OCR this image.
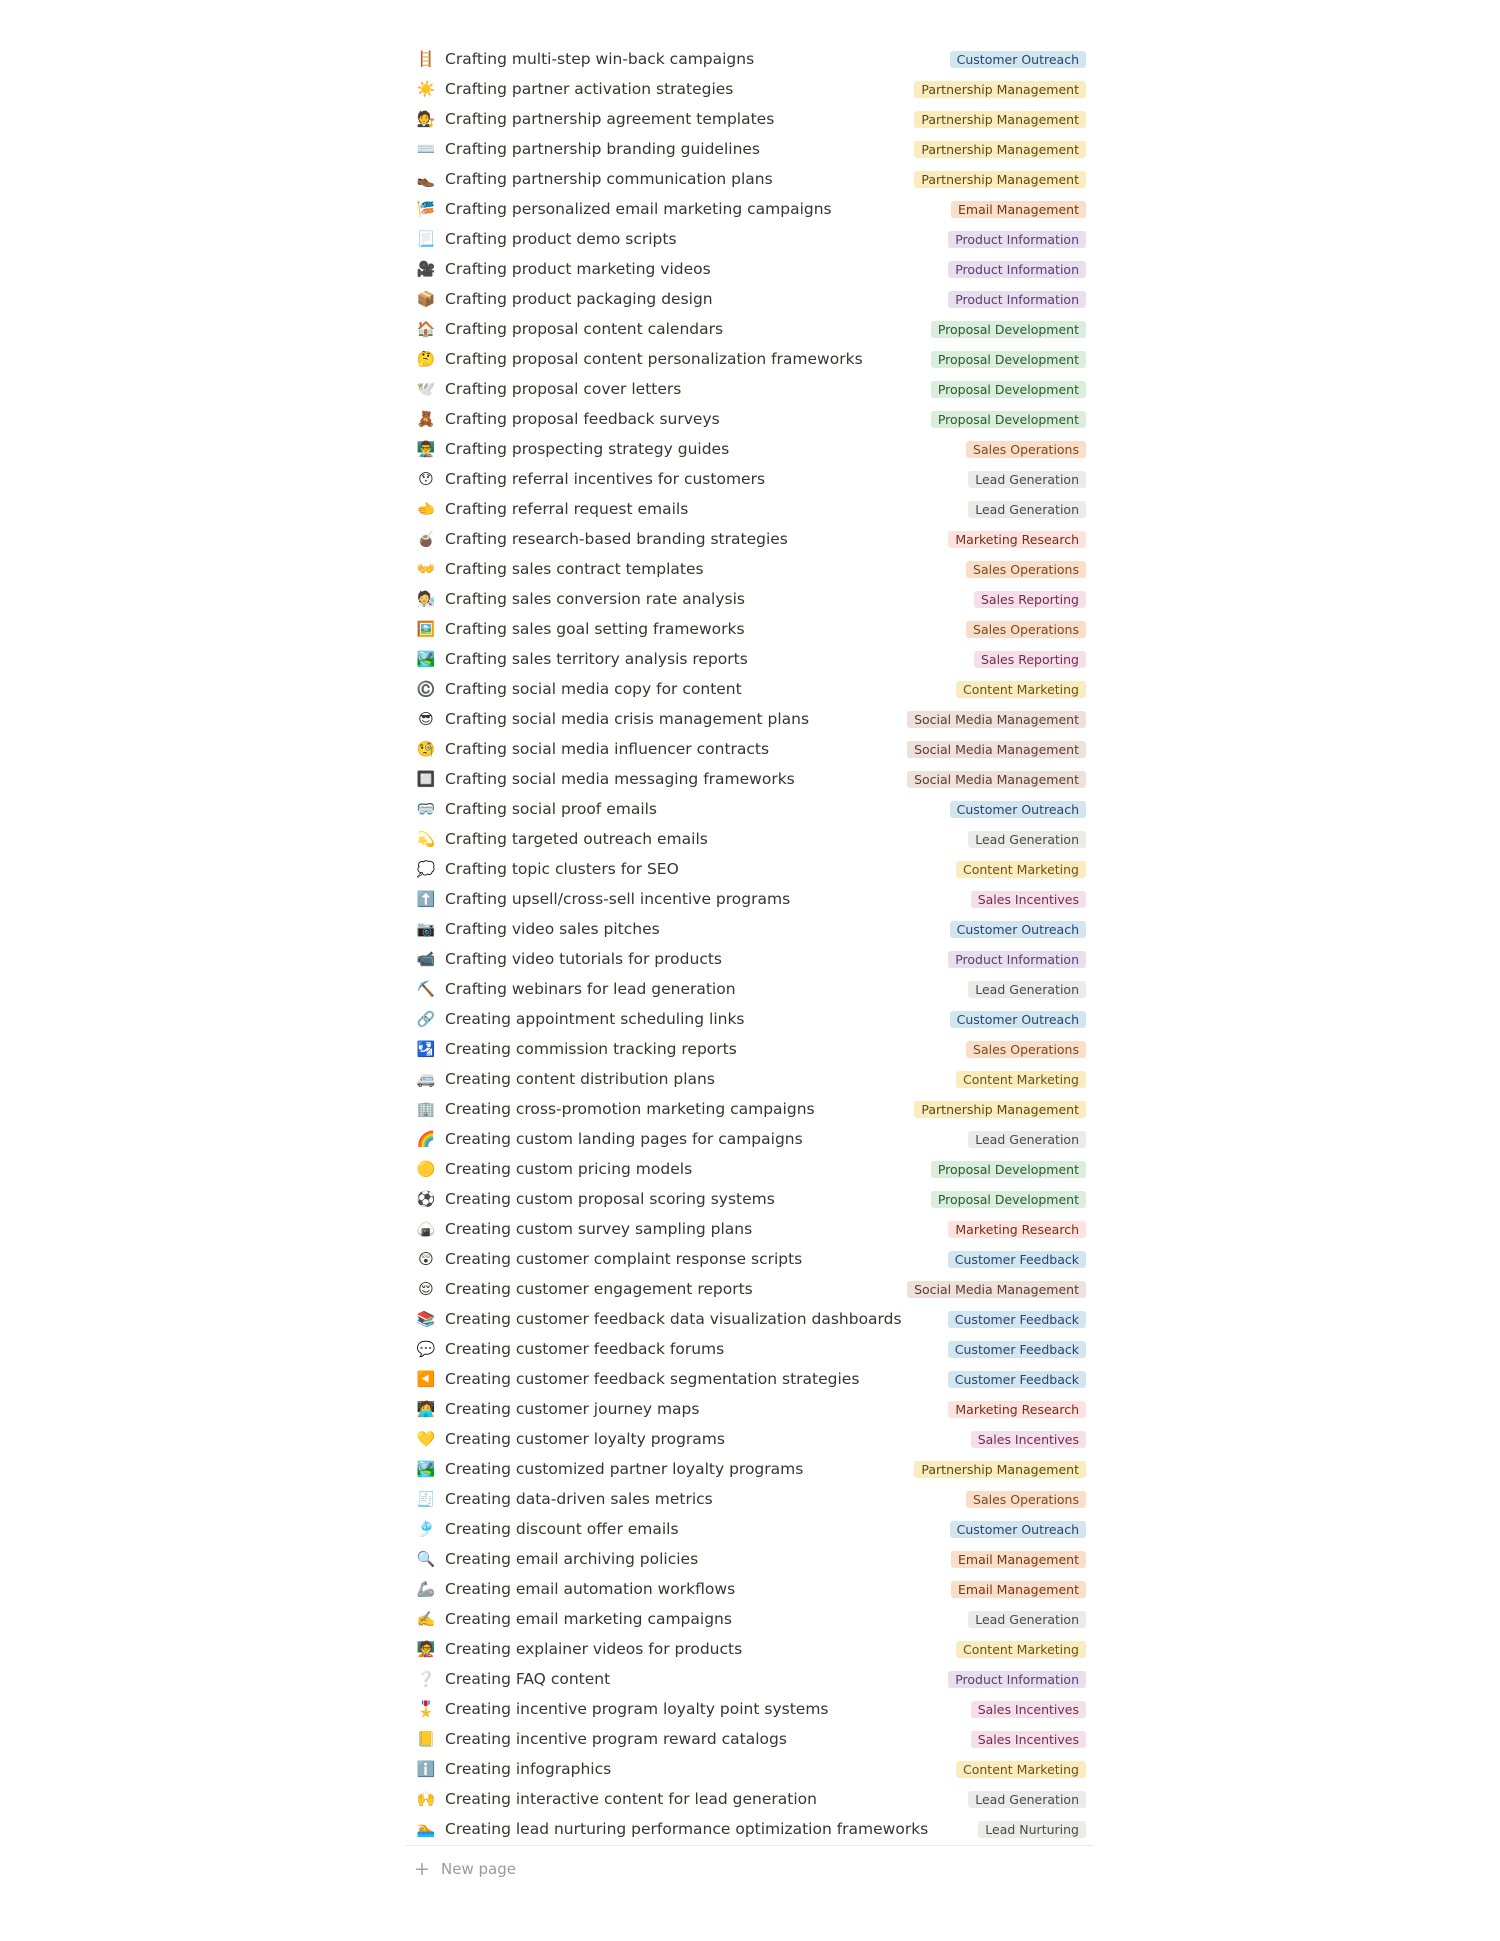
🪜 Crafting multi-step win-back campaigns	Customer Outreach
☀️ Crafting partner activation strategies	Partnership Management
🧑‍⚖️ Crafting partnership agreement templates	Partnership Management
⌨️ Crafting partnership branding guidelines	Partnership Management
👞 Crafting partnership communication plans	Partnership Management
🎏 Crafting personalized email marketing campaigns	Email Management
📃 Crafting product demo scripts	Product Information
🎥 Crafting product marketing videos	Product Information
📦 Crafting product packaging design	Product Information
🏠 Crafting proposal content calendars	Proposal Development
🤔 Crafting proposal content personalization frameworks	Proposal Development
🕊️ Crafting proposal cover letters	Proposal Development
🧸 Crafting proposal feedback surveys	Proposal Development
👨‍🏫 Crafting prospecting strategy guides	Sales Operations
😯 Crafting referral incentives for customers	Lead Generation
🫲 Crafting referral request emails	Lead Generation
🧉 Crafting research-based branding strategies	Marketing Research
👐 Crafting sales contract templates	Sales Operations
🧑‍🔬 Crafting sales conversion rate analysis	Sales Reporting
🖼️ Crafting sales goal setting frameworks	Sales Operations
🏞️ Crafting sales territory analysis reports	Sales Reporting
©️ Crafting social media copy for content	Content Marketing
😎 Crafting social media crisis management plans	Social Media Management
🧐 Crafting social media influencer contracts	Social Media Management
🔲 Crafting social media messaging frameworks	Social Media Management
🥽 Crafting social proof emails	Customer Outreach
💫 Crafting targeted outreach emails	Lead Generation
💭 Crafting topic clusters for SEO	Content Marketing
⬆️ Crafting upsell/cross-sell incentive programs	Sales Incentives
📷 Crafting video sales pitches	Customer Outreach
📹 Crafting video tutorials for products	Product Information
⛏️ Crafting webinars for lead generation	Lead Generation
🔗 Creating appointment scheduling links	Customer Outreach
🛂 Creating commission tracking reports	Sales Operations
🚐 Creating content distribution plans	Content Marketing
🏢 Creating cross-promotion marketing campaigns	Partnership Management
🌈 Creating custom landing pages for campaigns	Lead Generation
🟡 Creating custom pricing models	Proposal Development
⚽ Creating custom proposal scoring systems	Proposal Development
🍙 Creating custom survey sampling plans	Marketing Research
😲 Creating customer complaint response scripts	Customer Feedback
😌 Creating customer engagement reports	Social Media Management
📚 Creating customer feedback data visualization dashboards	Customer Feedback
💬 Creating customer feedback forums	Customer Feedback
◀️ Creating customer feedback segmentation strategies	Customer Feedback
🧑‍💻 Creating customer journey maps	Marketing Research
💛 Creating customer loyalty programs	Sales Incentives
🏞️ Creating customized partner loyalty programs	Partnership Management
🧾 Creating data-driven sales metrics	Sales Operations
🎐 Creating discount offer emails	Customer Outreach
🔍 Creating email archiving policies	Email Management
🦾 Creating email automation workflows	Email Management
✍️ Creating email marketing campaigns	Lead Generation
🧑‍🏫 Creating explainer videos for products	Content Marketing
❔ Creating FAQ content	Product Information
🎖️ Creating incentive program loyalty point systems	Sales Incentives
📒 Creating incentive program reward catalogs	Sales Incentives
ℹ️ Creating infographics	Content Marketing
🙌 Creating interactive content for lead generation	Lead Generation
🏊 Creating lead nurturing performance optimization frameworks	Lead Nurturing
+ New page
